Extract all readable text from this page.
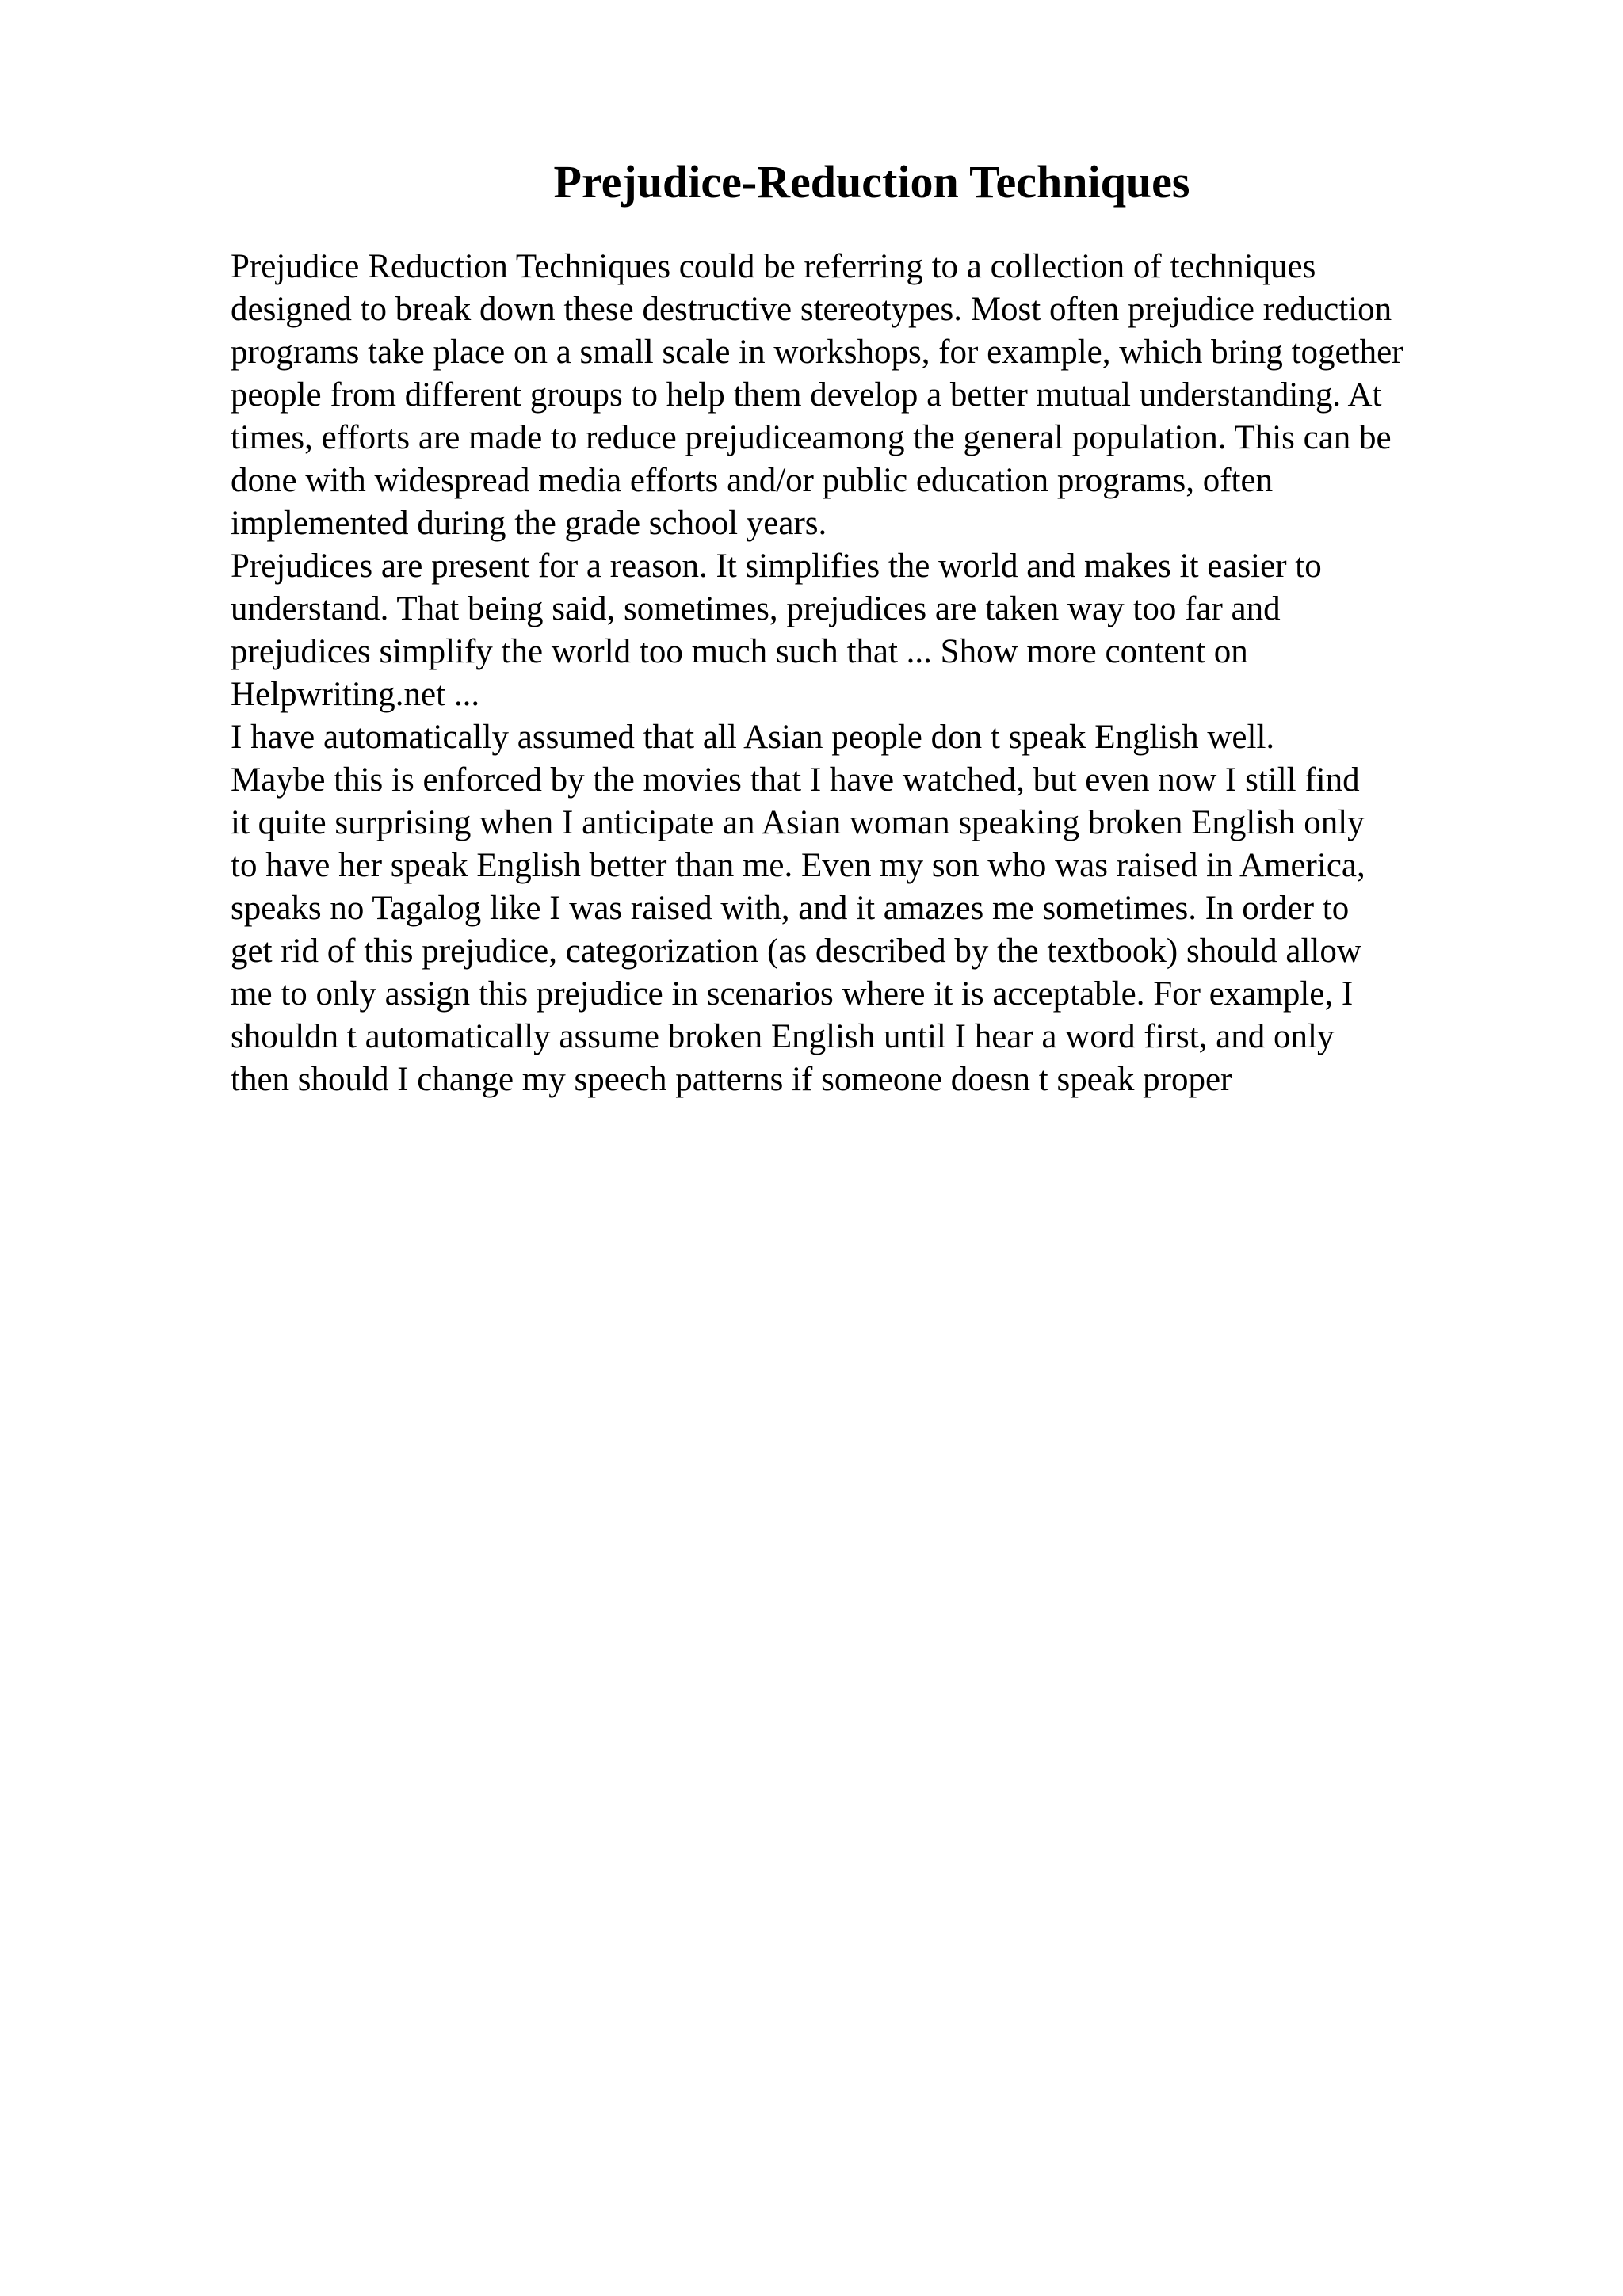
Prejudice-Reduction Techniques
Prejudice Reduction Techniques could be referring to a collection of techniques
designed to break down these destructive stereotypes. Most often prejudice reduction
programs take place on a small scale in workshops, for example, which bring together
people from different groups to help them develop a better mutual understanding. At
times, efforts are made to reduce prejudiceamong the general population. This can be
done with widespread media efforts and/or public education programs, often
implemented during the grade school years.
Prejudices are present for a reason. It simplifies the world and makes it easier to
understand. That being said, sometimes, prejudices are taken way too far and
prejudices simplify the world too much such that ... Show more content on
Helpwriting.net ...
I have automatically assumed that all Asian people don t speak English well.
Maybe this is enforced by the movies that I have watched, but even now I still find
it quite surprising when I anticipate an Asian woman speaking broken English only
to have her speak English better than me. Even my son who was raised in America,
speaks no Tagalog like I was raised with, and it amazes me sometimes. In order to
get rid of this prejudice, categorization (as described by the textbook) should allow
me to only assign this prejudice in scenarios where it is acceptable. For example, I
shouldn t automatically assume broken English until I hear a word first, and only
then should I change my speech patterns if someone doesn t speak proper
